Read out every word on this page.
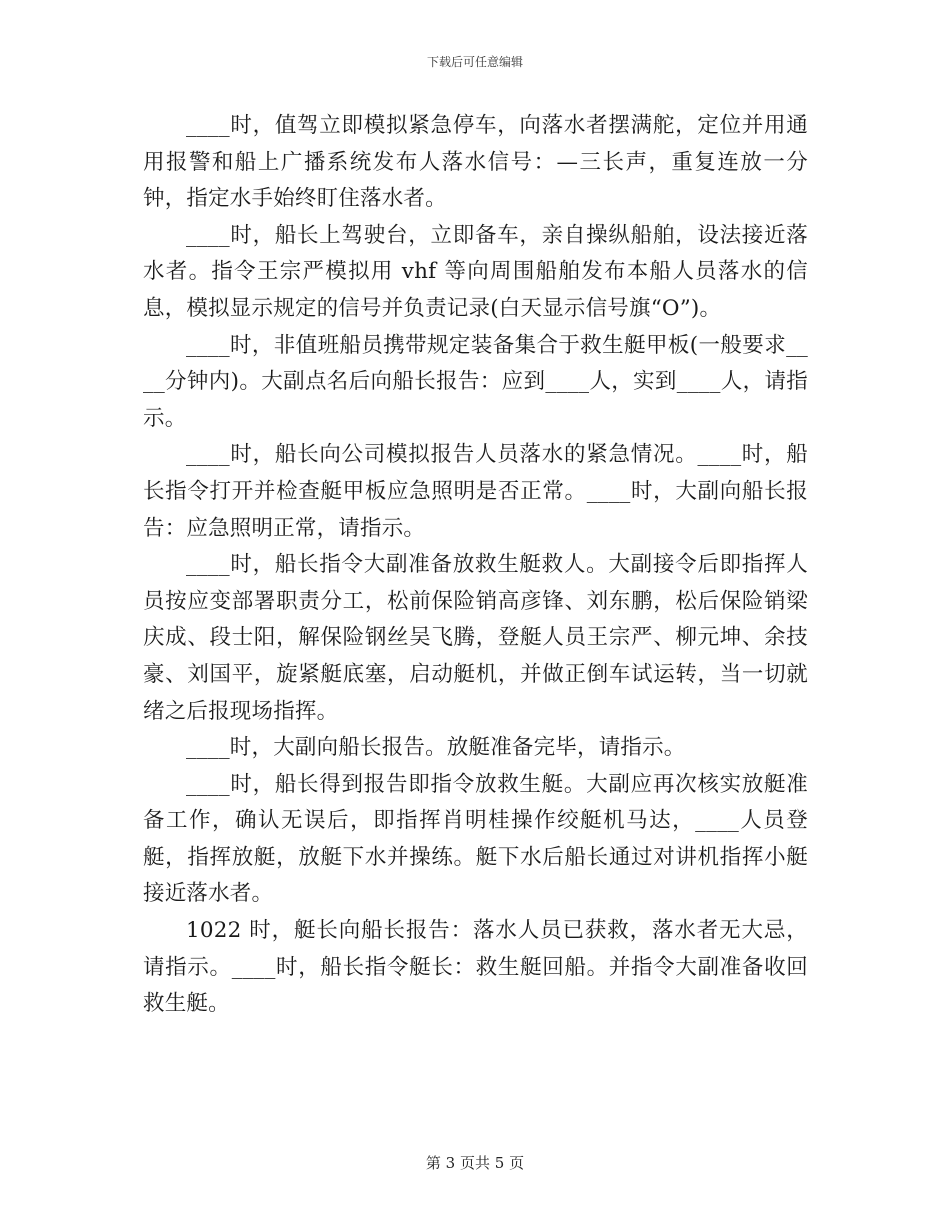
下载后可任意编辑

____时，值驾立即模拟紧急停车，向落水者摆满舵，定位并用通用报警和船上广播系统发布人落水信号：—三长声，重复连放一分钟，指定水手始终盯住落水者。

____时，船长上驾驶台，立即备车，亲自操纵船舶，设法接近落水者。指令王宗严模拟用 vhf 等向周围船舶发布本船人员落水的信息，模拟显示规定的信号并负责记录(白天显示信号旗“O”)。

____时，非值班船员携带规定装备集合于救生艇甲板(一般要求____分钟内)。大副点名后向船长报告：应到____人，实到____人，请指示。

____时，船长向公司模拟报告人员落水的紧急情况。____时，船长指令打开并检查艇甲板应急照明是否正常。____时，大副向船长报告：应急照明正常，请指示。

____时，船长指令大副准备放救生艇救人。大副接令后即指挥人员按应变部署职责分工，松前保险销高彦锋、刘东鹏，松后保险销梁庆成、段士阳，解保险钢丝吴飞腾，登艇人员王宗严、柳元坤、余技豪、刘国平，旋紧艇底塞，启动艇机，并做正倒车试运转，当一切就绪之后报现场指挥。

____时，大副向船长报告。放艇准备完毕，请指示。

____时，船长得到报告即指令放救生艇。大副应再次核实放艇准备工作，确认无误后，即指挥肖明桂操作绞艇机马达，____人员登艇，指挥放艇，放艇下水并操练。艇下水后船长通过对讲机指挥小艇接近落水者。

1022 时，艇长向船长报告：落水人员已获救，落水者无大忌，请指示。____时，船长指令艇长：救生艇回船。并指令大副准备收回救生艇。

第 3 页共 5 页
